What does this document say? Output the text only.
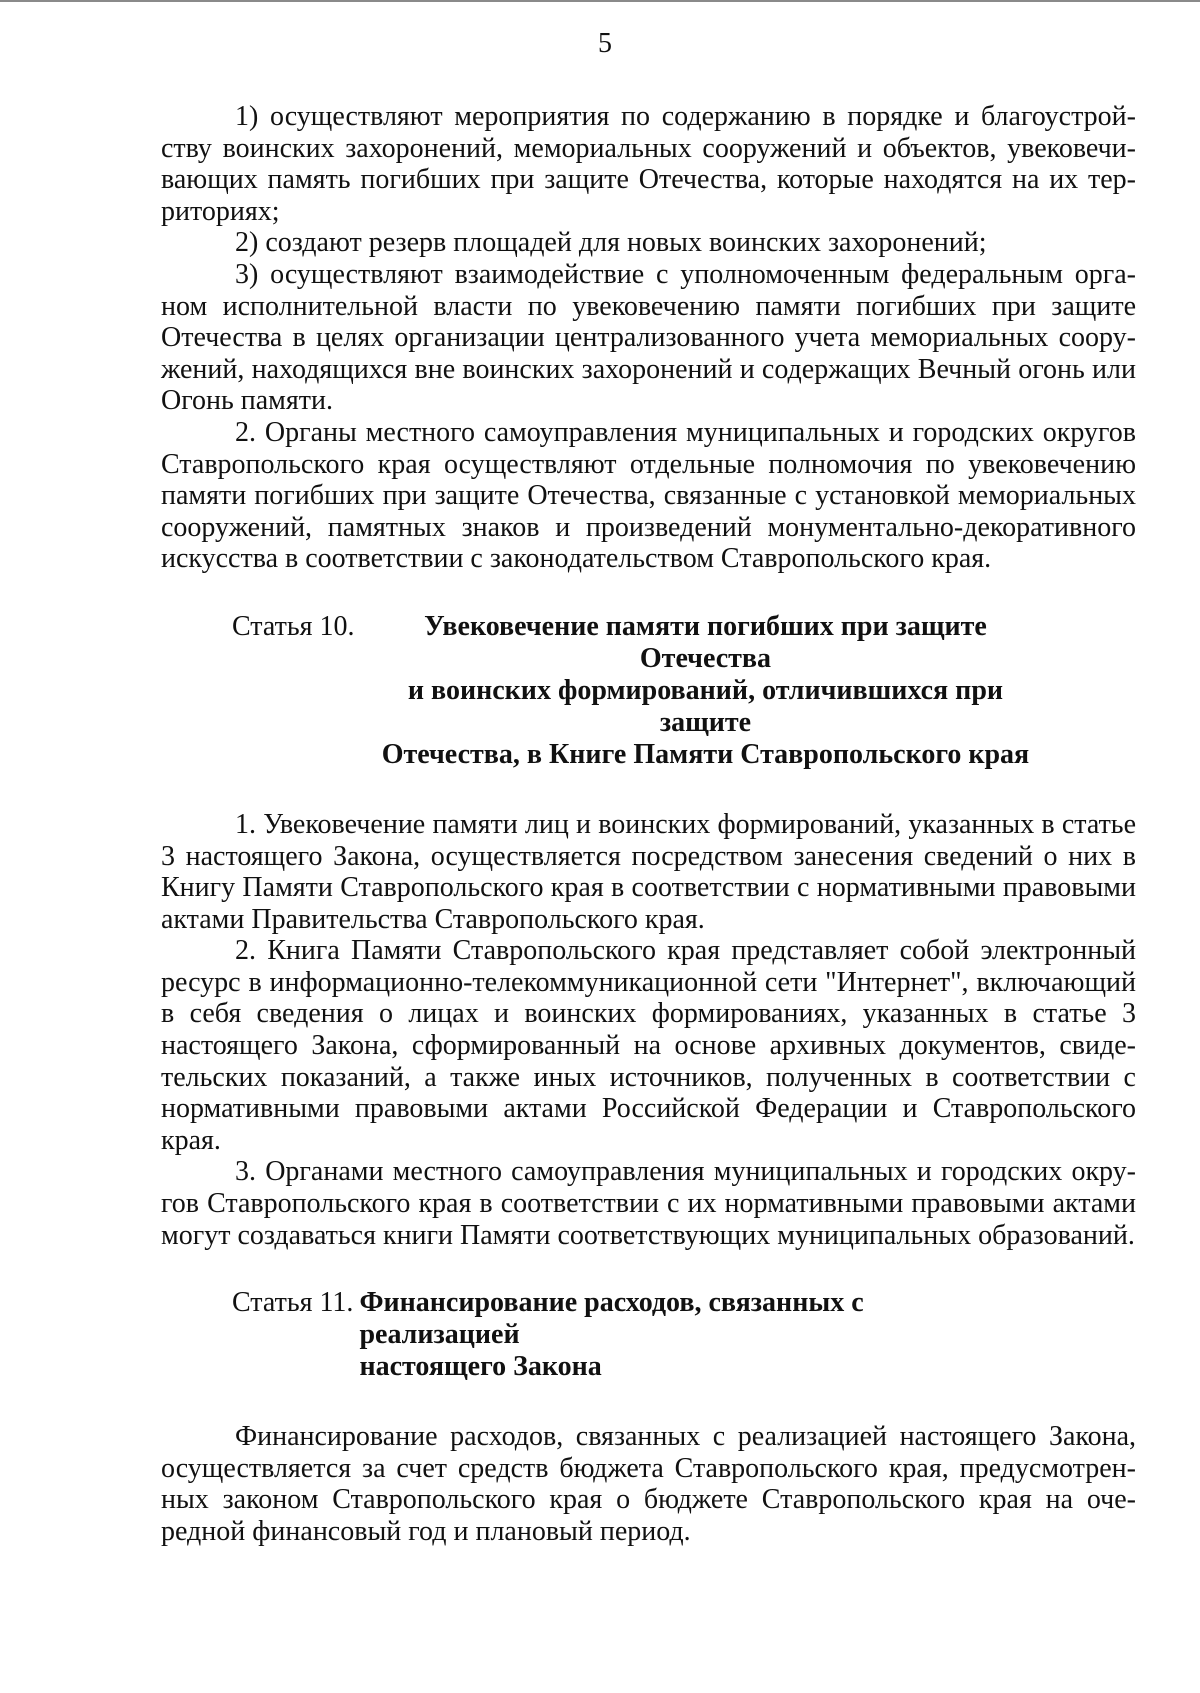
5

1) осуществляют мероприятия по содержанию в порядке и благоустройству воинских захоронений, мемориальных сооружений и объектов, увековечивающих память погибших при защите Отечества, которые находятся на их территориях;

2) создают резерв площадей для новых воинских захоронений;

3) осуществляют взаимодействие с уполномоченным федеральным органом исполнительной власти по увековечению памяти погибших при защите Отечества в целях организации централизованного учета мемориальных сооружений, находящихся вне воинских захоронений и содержащих Вечный огонь или Огонь памяти.

2. Органы местного самоуправления муниципальных и городских округов Ставропольского края осуществляют отдельные полномочия по увековечению памяти погибших при защите Отечества, связанные с установкой мемориальных сооружений, памятных знаков и произведений монументально-декоративного искусства в соответствии с законодательством Ставропольского края.

Статья 10.	Увековечение памяти погибших при защите Отечества
и воинских формирований, отличившихся при защите
Отечества, в Книге Памяти Ставропольского края

1. Увековечение памяти лиц и воинских формирований, указанных в статье 3 настоящего Закона, осуществляется посредством занесения сведений о них в Книгу Памяти Ставропольского края в соответствии с нормативными правовыми актами Правительства Ставропольского края.

2. Книга Памяти Ставропольского края представляет собой электронный ресурс в информационно-телекоммуникационной сети "Интернет", включающий в себя сведения о лицах и воинских формированиях, указанных в статье 3 настоящего Закона, сформированный на основе архивных документов, свидетельских показаний, а также иных источников, полученных в соответствии с нормативными правовыми актами Российской Федерации и Ставропольского края.

3. Органами местного самоуправления муниципальных и городских округов Ставропольского края в соответствии с их нормативными правовыми актами могут создаваться книги Памяти соответствующих муниципальных образований.

Статья 11. Финансирование расходов, связанных с реализацией
настоящего Закона

Финансирование расходов, связанных с реализацией настоящего Закона, осуществляется за счет средств бюджета Ставропольского края, предусмотренных законом Ставропольского края о бюджете Ставропольского края на очередной финансовый год и плановый период.
